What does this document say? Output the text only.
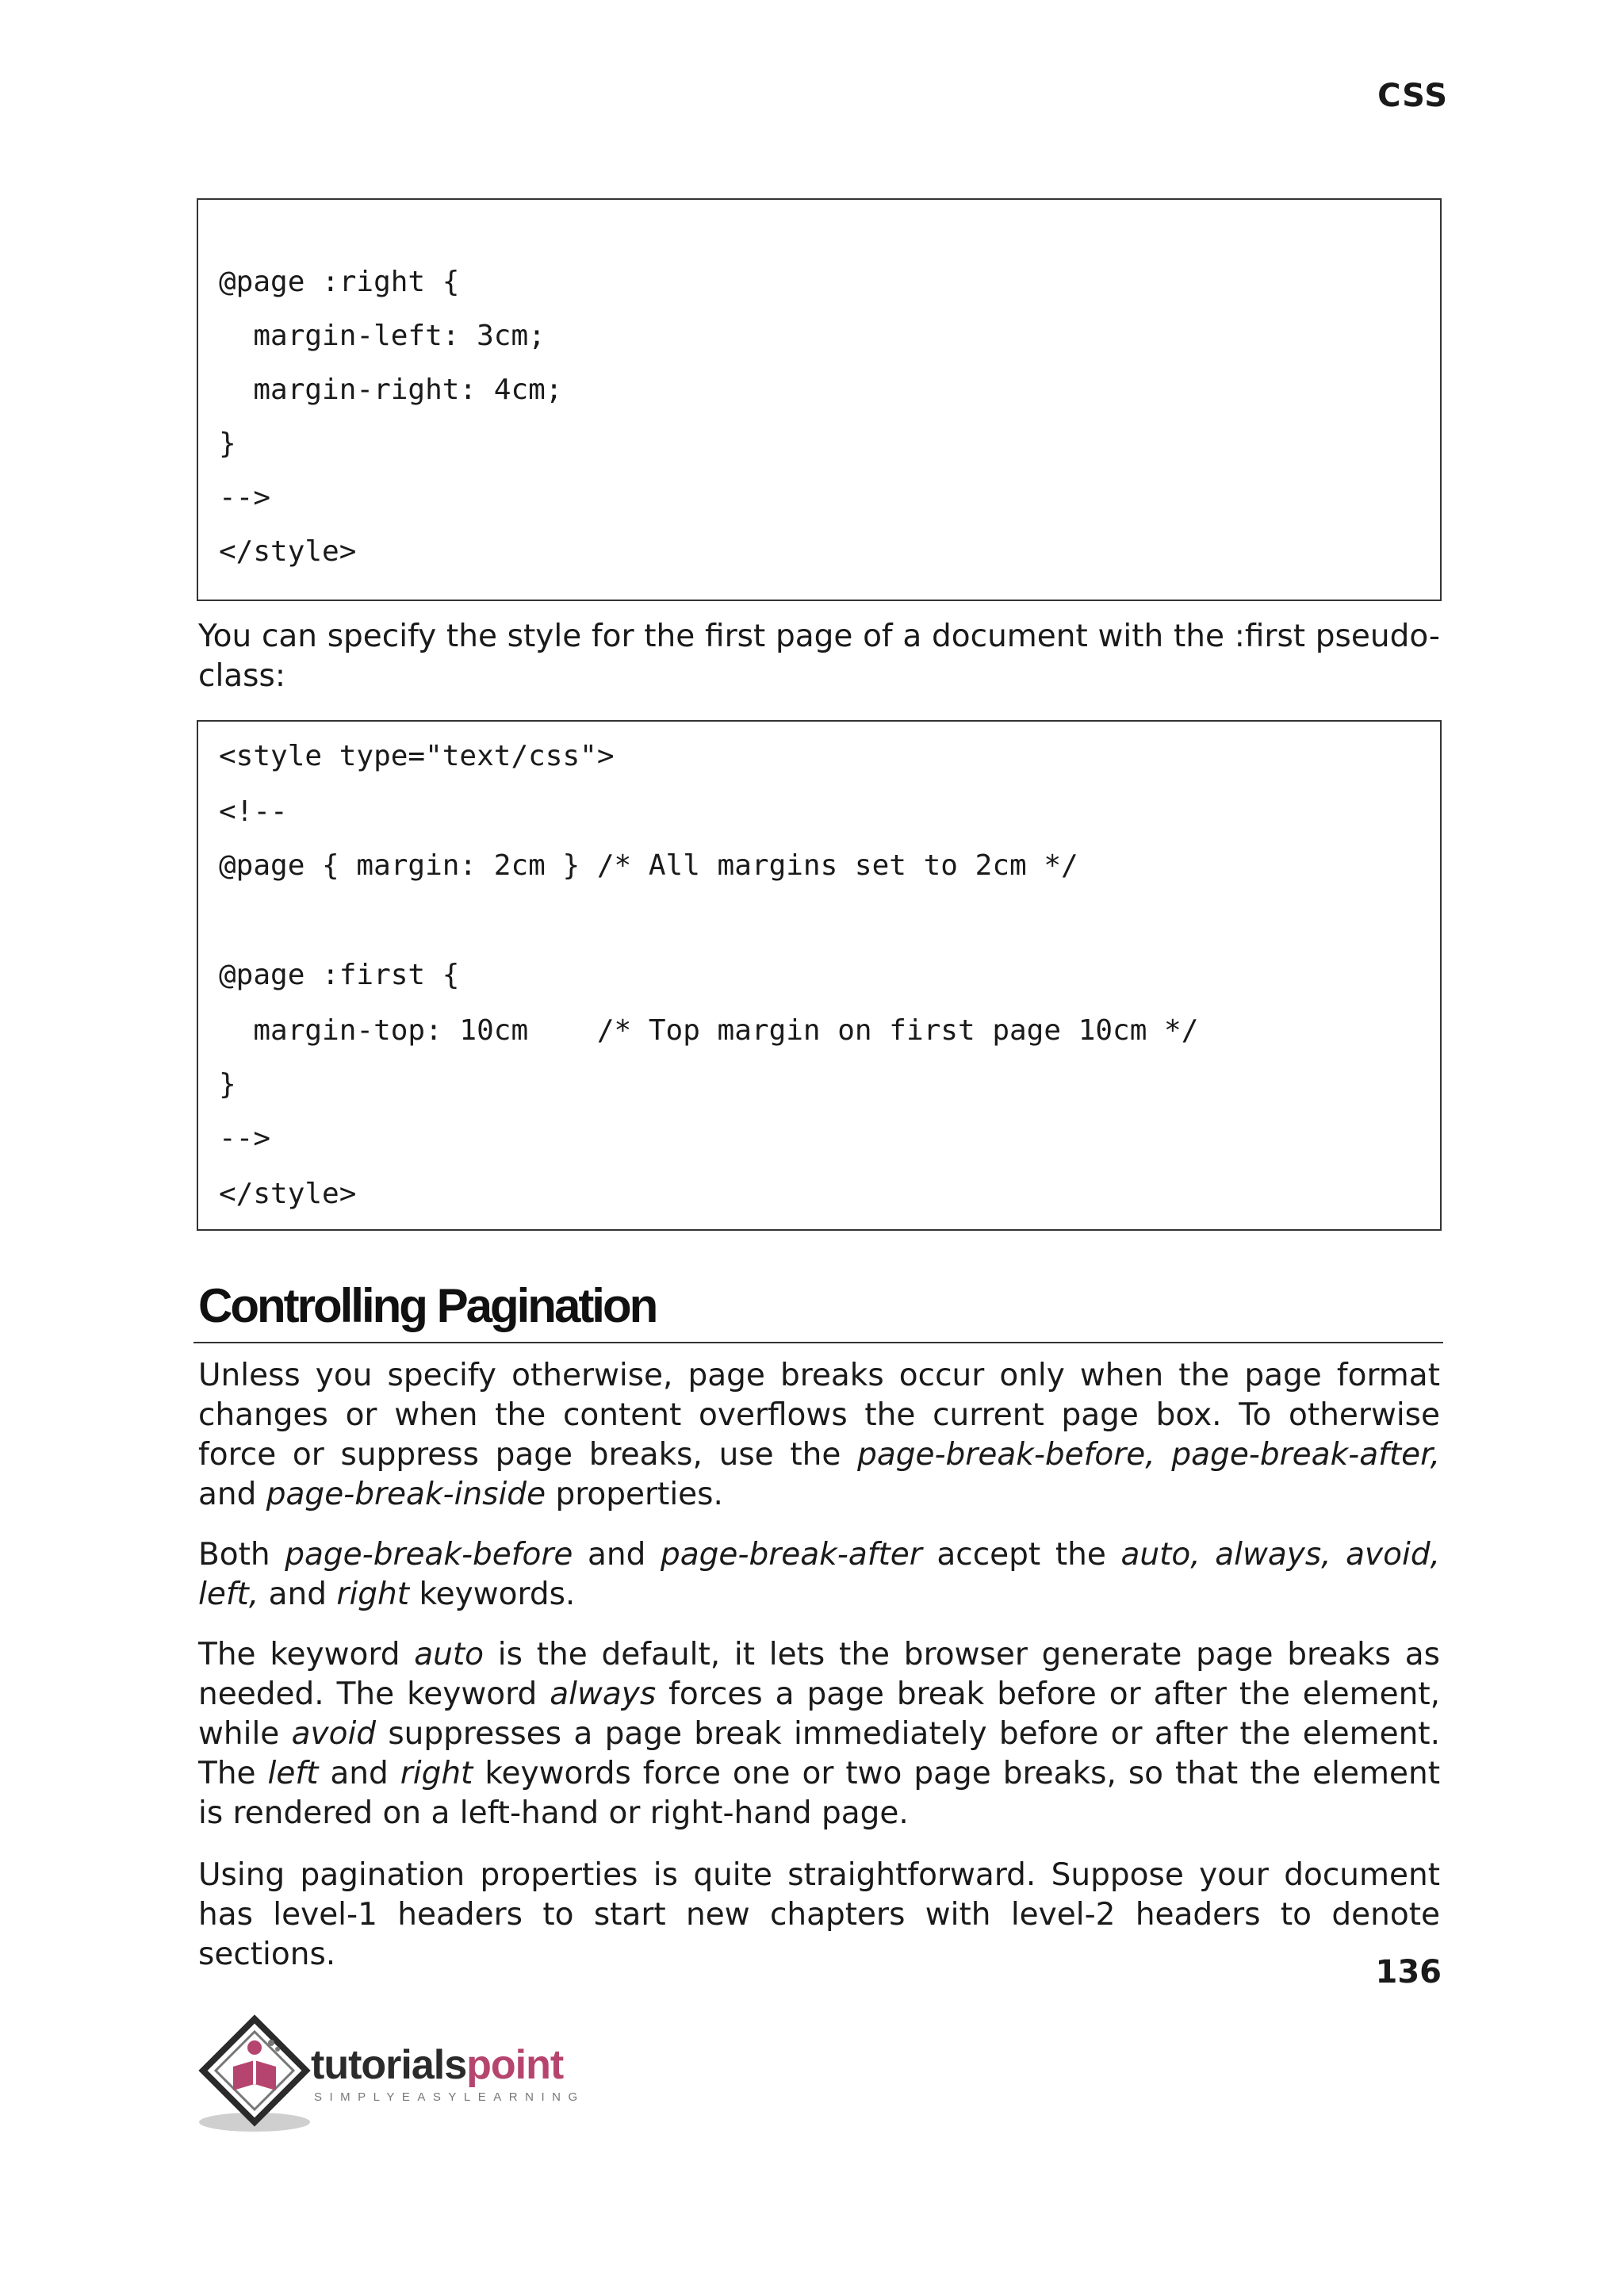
CSS
@page :right {
margin-left: 3cm;
margin-right: 4cm;
}
-->
</style>
You can specify the style for the first page of a document with the :first pseudo-class:
<style type="text/css">
<!--
@page { margin: 2cm } /* All margins set to 2cm */
@page :first {
margin-top: 10cm    /* Top margin on first page 10cm */
}
-->
</style>
Controlling Pagination
Unless you specify otherwise, page breaks occur only when the page format changes or when the content overflows the current page box. To otherwise force or suppress page breaks, use the page-break-before, page-break-after, and page-break-inside properties.
Both page-break-before and page-break-after accept the auto, always, avoid, left, and right keywords.
The keyword auto is the default, it lets the browser generate page breaks as needed. The keyword always forces a page break before or after the element, while avoid suppresses a page break immediately before or after the element. The left and right keywords force one or two page breaks, so that the element is rendered on a left-hand or right-hand page.
Using pagination properties is quite straightforward. Suppose your document has level-1 headers to start new chapters with level-2 headers to denote sections.	136
tutorialspoint
SIMPLYEASYLEARNING
